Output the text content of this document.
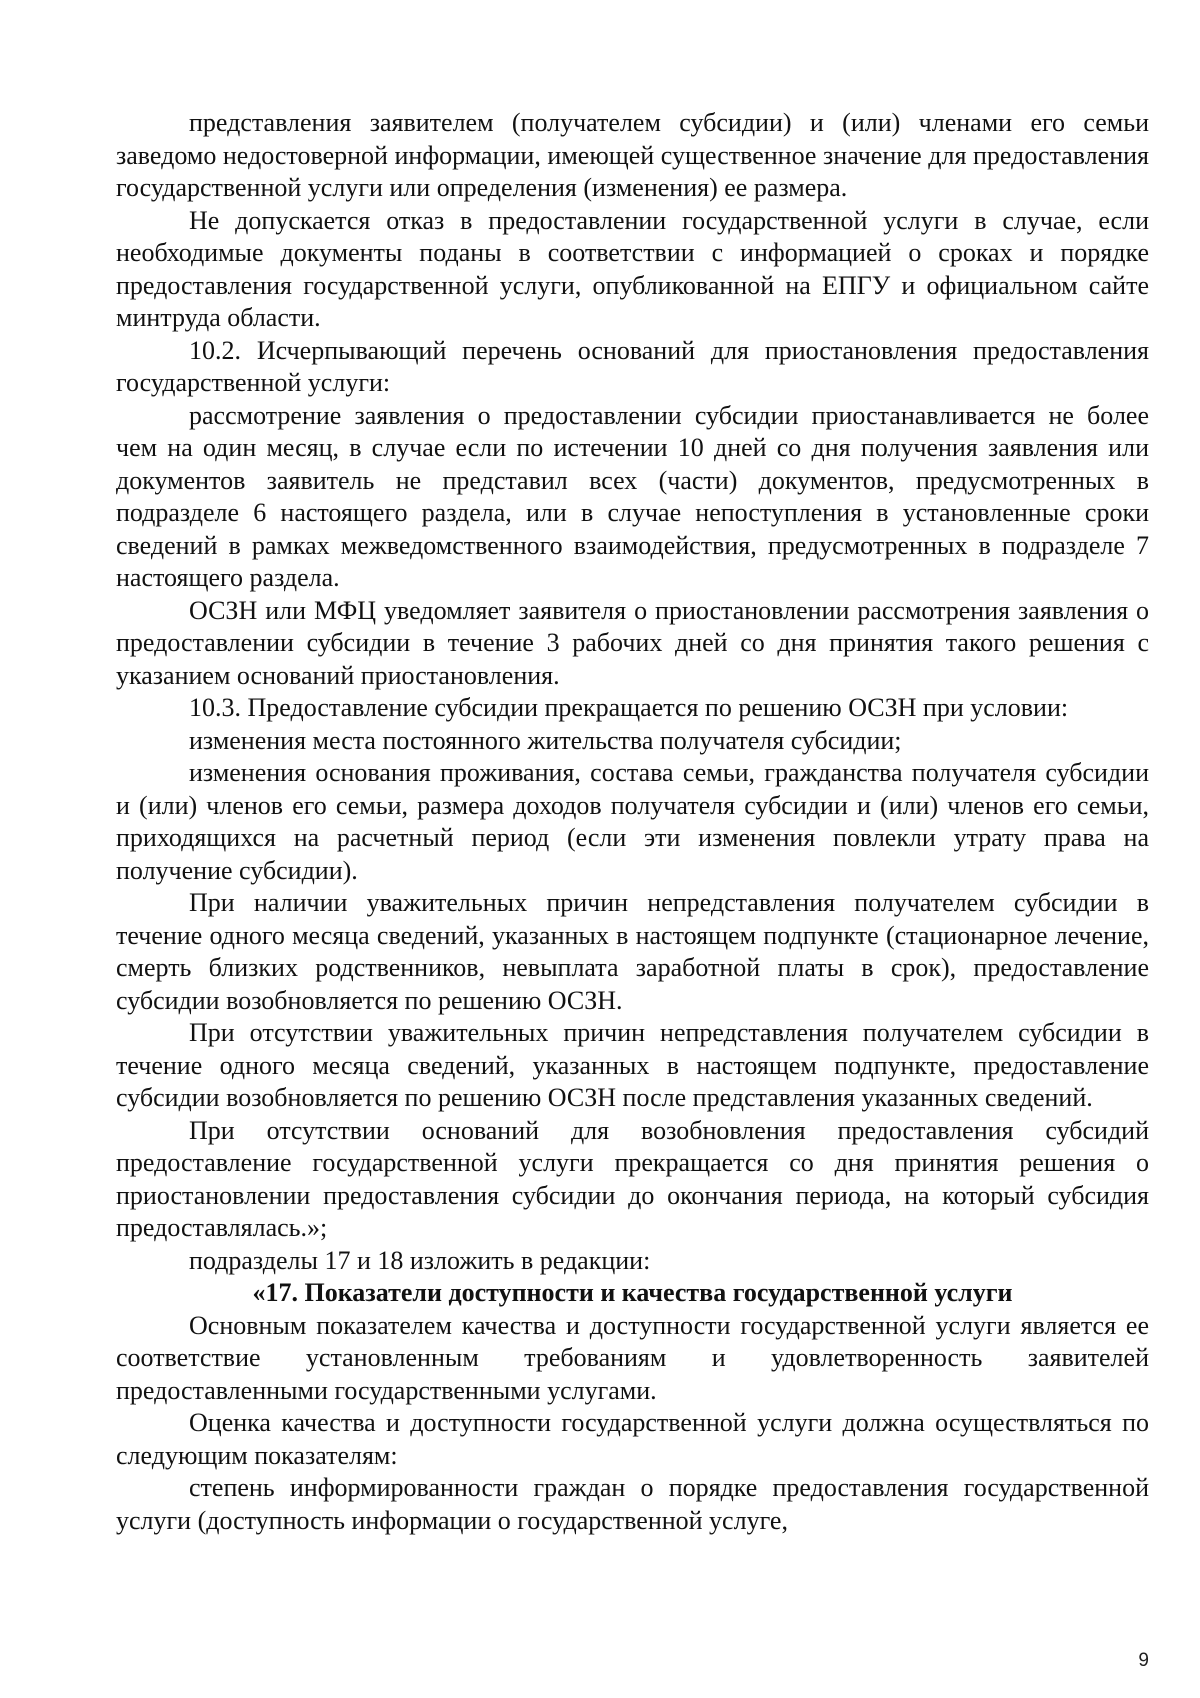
представления заявителем (получателем субсидии) и (или) членами его семьи заведомо недостоверной информации, имеющей существенное значение для предоставления государственной услуги или определения (изменения) ее размера.

Не допускается отказ в предоставлении государственной услуги в случае, если необходимые документы поданы в соответствии с информацией о сроках и порядке предоставления государственной услуги, опубликованной на ЕПГУ и официальном сайте минтруда области.

10.2. Исчерпывающий перечень оснований для приостановления предоставления государственной услуги:

рассмотрение заявления о предоставлении субсидии приостанавливается не более чем на один месяц, в случае если по истечении 10 дней со дня получения заявления или документов заявитель не представил всех (части) документов, предусмотренных в подразделе 6 настоящего раздела, или в случае непоступления в установленные сроки сведений в рамках межведомственного взаимодействия, предусмотренных в подразделе 7 настоящего раздела.

ОСЗН или МФЦ уведомляет заявителя о приостановлении рассмотрения заявления о предоставлении субсидии в течение 3 рабочих дней со дня принятия такого решения с указанием оснований приостановления.

10.3. Предоставление субсидии прекращается по решению ОСЗН при условии:

изменения места постоянного жительства получателя субсидии;

изменения основания проживания, состава семьи, гражданства получателя субсидии и (или) членов его семьи, размера доходов получателя субсидии и (или) членов его семьи, приходящихся на расчетный период (если эти изменения повлекли утрату права на получение субсидии).

При наличии уважительных причин непредставления получателем субсидии в течение одного месяца сведений, указанных в настоящем подпункте (стационарное лечение, смерть близких родственников, невыплата заработной платы в срок), предоставление субсидии возобновляется по решению ОСЗН.

При отсутствии уважительных причин непредставления получателем субсидии в течение одного месяца сведений, указанных в настоящем подпункте, предоставление субсидии возобновляется по решению ОСЗН после представления указанных сведений.

При отсутствии оснований для возобновления предоставления субсидий предоставление государственной услуги прекращается со дня принятия решения о приостановлении предоставления субсидии до окончания периода, на который субсидия предоставлялась.»;

подразделы 17 и 18 изложить в редакции:

«17. Показатели доступности и качества государственной услуги

Основным показателем качества и доступности государственной услуги является ее соответствие установленным требованиям и удовлетворенность заявителей предоставленными государственными услугами.

Оценка качества и доступности государственной услуги должна осуществляться по следующим показателям:

степень информированности граждан о порядке предоставления государственной услуги (доступность информации о государственной услуге,

9
